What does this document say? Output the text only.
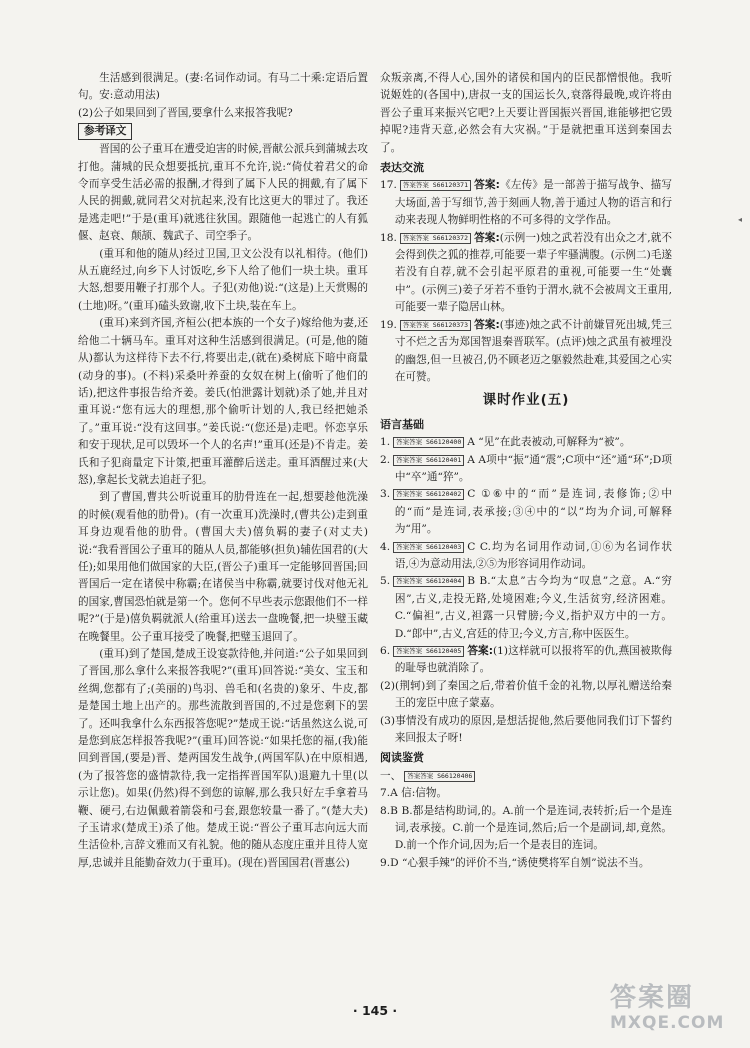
生活感到很满足。(妻:名词作动词。有马二十乘:定语后置句。安:意动用法)

(2)公子如果回到了晋国,要拿什么来报答我呢?

参考译文

晋国的公子重耳在遭受迫害的时候,晋献公派兵到蒲城去攻打他。蒲城的民众想要抵抗,重耳不允许,说:“倚仗着君父的命令而享受生活必需的报酬,才得到了属下人民的拥戴,有了属下人民的拥戴,就同君父对抗起来,没有比这更大的罪过了。我还是逃走吧!”于是(重耳)就逃往狄国。跟随他一起逃亡的人有狐偃、赵衰、颠颉、魏武子、司空季子。

(重耳和他的随从)经过卫国,卫文公没有以礼相待。(他们)从五鹿经过,向乡下人讨饭吃,乡下人给了他们一块土块。重耳大怒,想要用鞭子打那个人。子犯(劝他)说:“(这是)上天赏赐的(土地)呀。”(重耳)磕头致谢,收下土块,装在车上。

(重耳)来到齐国,齐桓公(把本族的一个女子)嫁给他为妻,还给他二十辆马车。重耳对这种生活感到很满足。(可是,他的随从)都认为这样待下去不行,将要出走,(就在)桑树底下暗中商量(动身的事)。(不料)采桑叶养蚕的女奴在树上(偷听了他们的话),把这件事报告给齐姜。姜氏(怕泄露计划就)杀了她,并且对重耳说:“您有远大的理想,那个偷听计划的人,我已经把她杀了。”重耳说:“没有这回事。”姜氏说:“(您还是)走吧。怀恋享乐和安于现状,足可以毁坏一个人的名声!”重耳(还是)不肯走。姜氏和子犯商量定下计策,把重耳灌醉后送走。重耳酒醒过来(大怒),拿起长戈就去追赶子犯。

到了曹国,曹共公听说重耳的肋骨连在一起,想要趁他洗澡的时候(观看他的肋骨)。(有一次重耳)洗澡时,(曹共公)走到重耳身边观看他的肋骨。(曹国大夫)僖负羁的妻子(对丈夫)说:“我看晋国公子重耳的随从人员,都能够(担负)辅佐国君的(大任);如果用他们做国家的大臣,(晋公子)重耳一定能够回晋国;回晋国后一定在诸侯中称霸;在诸侯当中称霸,就要讨伐对他无礼的国家,曹国恐怕就是第一个。您何不早些表示您跟他们不一样呢?”(于是)僖负羁就派人(给重耳)送去一盘晚餐,把一块璧玉藏在晚餐里。公子重耳接受了晚餐,把璧玉退回了。

(重耳)到了楚国,楚成王设宴款待他,并问道:“公子如果回到了晋国,那么拿什么来报答我呢?”(重耳)回答说:“美女、宝玉和丝绸,您都有了;(美丽的)鸟羽、兽毛和(名贵的)象牙、牛皮,都是楚国土地上出产的。那些流散到晋国的,不过是您剩下的罢了。还叫我拿什么东西报答您呢?”楚成王说:“话虽然这么说,可是您到底怎样报答我呢?”(重耳)回答说:“如果托您的福,(我)能回到晋国,(要是)晋、楚两国发生战争,(两国军队)在中原相遇,(为了报答您的盛情款待,我一定指挥晋国军队)退避九十里(以示让您)。如果(仍然)得不到您的谅解,那么我只好左手拿着马鞭、硬弓,右边佩戴着箭袋和弓套,跟您较量一番了。”(楚大夫)子玉请求(楚成王)杀了他。楚成王说:“晋公子重耳志向远大而生活俭朴,言辞文雅而又有礼貌。他的随从态度庄重并且待人宽厚,忠诚并且能勤奋效力(于重耳)。(现在)晋国国君(晋惠公)

众叛亲离,不得人心,国外的诸侯和国内的臣民都憎恨他。我听说姬姓的(各国中),唐叔一支的国运长久,衰落得最晚,或许将由晋公子重耳来振兴它吧?上天要让晋国振兴晋国,谁能够把它毁掉呢?违背天意,必然会有大灾祸。”于是就把重耳送到秦国去了。

表达交流

17. 答案答案 S66120371 答案:《左传》是一部善于描写战争、描写大场面,善于写细节,善于刻画人物,善于通过人物的语言和行动来表现人物鲜明性格的不可多得的文学作品。

18. 答案答案 S66120372 答案:(示例一)烛之武若没有出众之才,就不会得到佚之狐的推荐,可能要一辈子牢骚满腹。(示例二)毛遂若没有自荐,就不会引起平原君的重视,可能要一生“处囊中”。(示例三)姜子牙若不垂钓于渭水,就不会被周文王重用,可能要一辈子隐居山林。

19. 答案答案 S66120373 答案:(事迹)烛之武不计前嫌冒死出城,凭三寸不烂之舌为郑国智退秦晋联军。(点评)烛之武虽有被埋没的幽怨,但一旦被召,仍不顾老迈之躯毅然赴难,其爱国之心实在可赞。

课时作业(五)

语言基础

1. 答案答案 S66120400 A “见”在此表被动,可解释为“被”。

2. 答案答案 S66120401 A A项中“振”通“震”;C项中“还”通“环”;D项中“卒”通“猝”。

3. 答案答案 S66120402 C ①⑥中的“而”是连词,表修饰;②中的“而”是连词,表承接;③④中的“以”均为介词,可解释为“用”。

4. 答案答案 S66120403 C C.均为名词用作动词,①⑥为名词作状语,④为意动用法,②⑤为形容词用作动词。

5. 答案答案 S66120404 B B.“太息”古今均为“叹息”之意。A.“穷困”,古义,走投无路,处境困难;今义,生活贫穷,经济困难。C.“偏袒”,古义,袒露一只臂膀;今义,指护双方中的一方。D.“郎中”,古义,宫廷的侍卫;今义,方言,称中医医生。

6. 答案答案 S66120405 答案:(1)这样就可以报将军的仇,燕国被欺侮的耻辱也就消除了。

(2)(荆轲)到了秦国之后,带着价值千金的礼物,以厚礼赠送给秦王的宠臣中庶子蒙嘉。

(3)事情没有成功的原因,是想活捉他,然后要他同我们订下誓约来回报太子呀!

阅读鉴赏

一、 答案答案 S66120406

7.A 信:信物。

8.B B.都是结构助词,的。A.前一个是连词,表转折;后一个是连词,表承接。C.前一个是连词,然后;后一个是副词,却,竟然。D.前一个作介词,因为;后一个是表目的连词。

9.D “心狠手辣”的评价不当,“诱使樊将军自刎”说法不当。

◂
· 145 ·	答案圈
MXQE.COM
